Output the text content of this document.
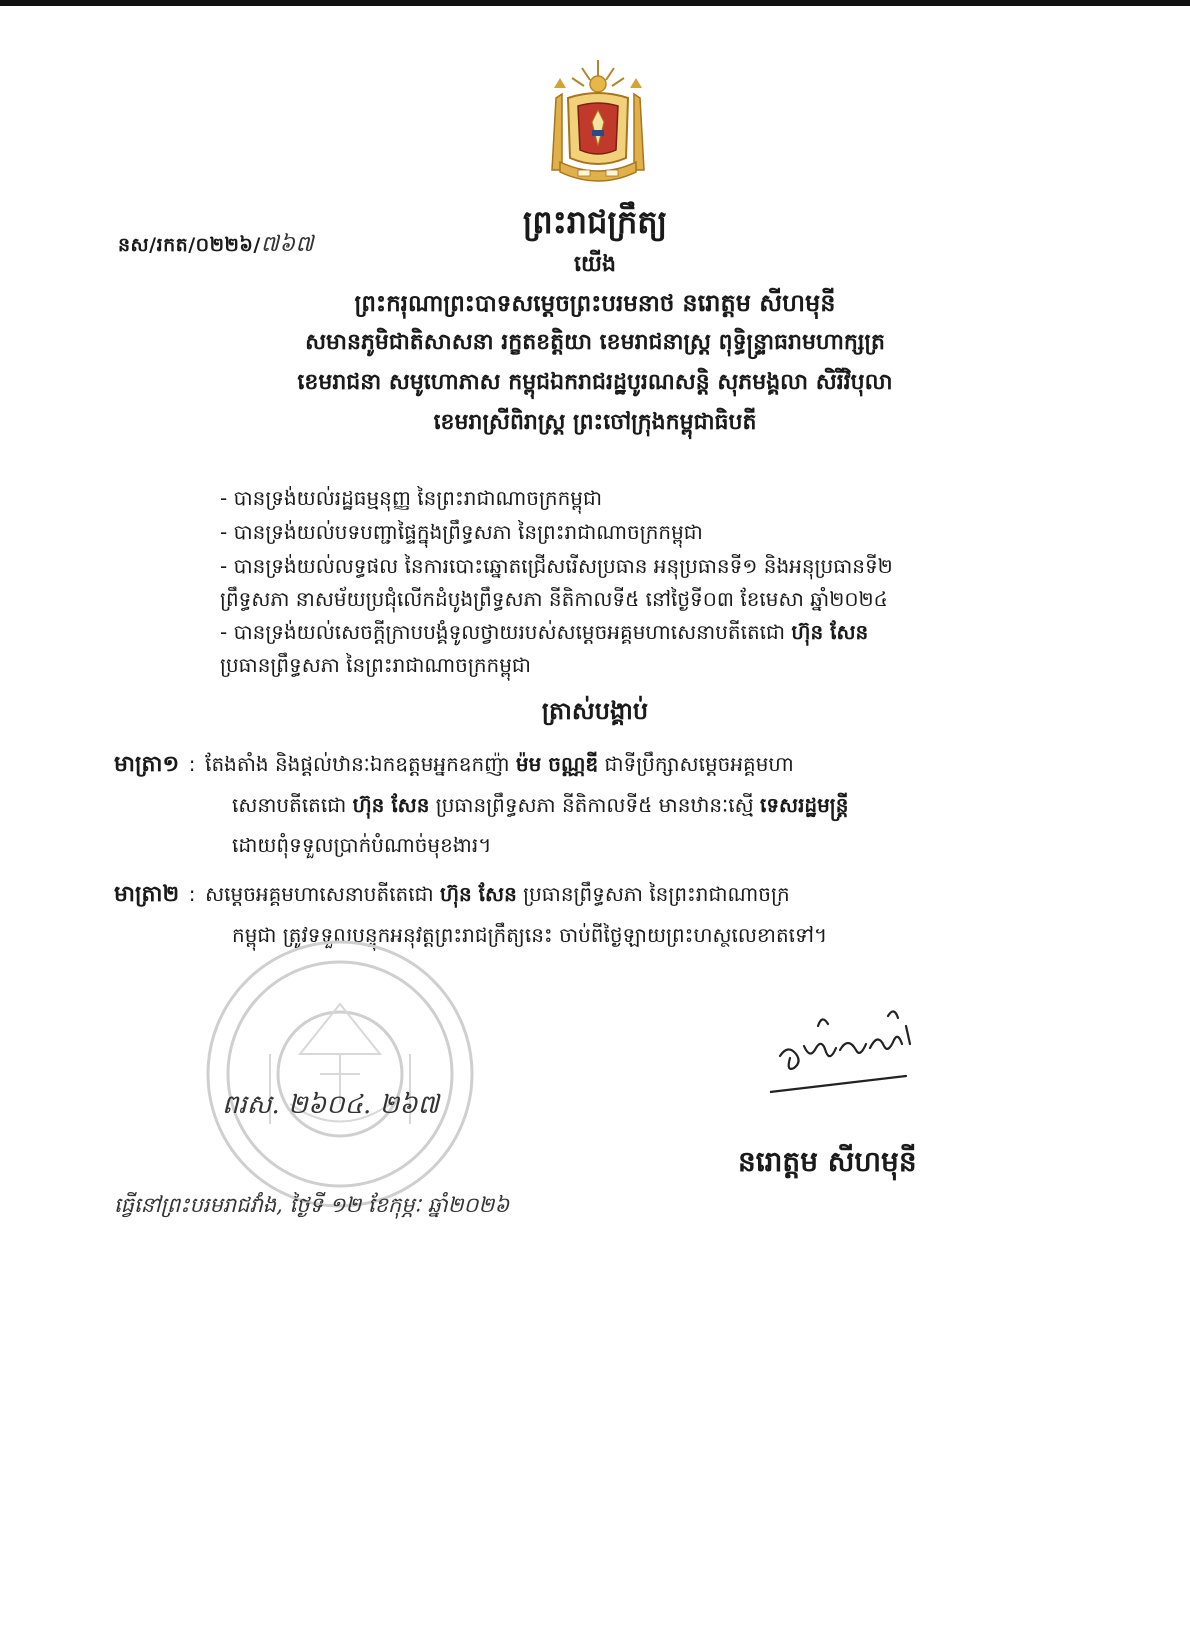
នស/រកត/០២២៦/៧៦៧
ព្រះរាជក្រឹត្យ
យើង
ព្រះករុណាព្រះបាទសម្តេចព្រះបរមនាថ នរោត្តម សីហមុនី
សមានភូមិជាតិសាសនា រក្ខតខត្តិយា ខេមរាជនាស្រ្ត ពុទ្ធិន្ទ្រាធរាមហាក្សត្រ
ខេមរាជនា សមូហោភាស កម្ពុជឯករាជរដ្ឋបូរណសន្តិ សុភមង្គលា សិរីវិបុលា
ខេមរាស្រីពិរាស្ត្រ ព្រះចៅក្រុងកម្ពុជាធិបតី
- បានទ្រង់យល់រដ្ឋធម្មនុញ្ញ នៃព្រះរាជាណាចក្រកម្ពុជា
- បានទ្រង់យល់បទបញ្ជាផ្ទៃក្នុងព្រឹទ្ធសភា នៃព្រះរាជាណាចក្រកម្ពុជា
- បានទ្រង់យល់លទ្ធផល នៃការបោះឆ្នោតជ្រើសរើសប្រធាន អនុប្រធានទី១ និងអនុប្រធានទី២
ព្រឹទ្ធសភា នាសម័យប្រជុំលើកដំបូងព្រឹទ្ធសភា នីតិកាលទី៥ នៅថ្ងៃទី០៣ ខែមេសា ឆ្នាំ២០២៤
- បានទ្រង់យល់សេចក្តីក្រាបបង្គំទូលថ្វាយរបស់សម្តេចអគ្គមហាសេនាបតីតេជោ ហ៊ុន សែន
ប្រធានព្រឹទ្ធសភា នៃព្រះរាជាណាចក្រកម្ពុជា
ត្រាស់បង្គាប់
មាត្រា១ : តែងតាំង និងផ្តល់ឋានៈឯកឧត្តមអ្នកឧកញ៉ា ម៉ម ចណ្ណឌី ជាទីប្រឹក្សាសម្តេចអគ្គមហា
សេនាបតីតេជោ ហ៊ុន សែន ប្រធានព្រឹទ្ធសភា នីតិកាលទី៥ មានឋានៈស្មើ ទេសរដ្ឋមន្ត្រី
ដោយពុំទទួលប្រាក់បំណាច់មុខងារ។
មាត្រា២ : សម្តេចអគ្គមហាសេនាបតីតេជោ ហ៊ុន សែន ប្រធានព្រឹទ្ធសភា នៃព្រះរាជាណាចក្រ
កម្ពុជា ត្រូវទទួលបន្ទុកអនុវត្តព្រះរាជក្រឹត្យនេះ ចាប់ពីថ្ងៃឡាយព្រះហស្ថលេខាតទៅ។
ពរស. ២៦០៤. ២៦៧
ធ្វើនៅព្រះបរមរាជវាំង, ថ្ងៃទី ១២ ខែកុម្ភៈ ឆ្នាំ២០២៦
នរោត្តម សីហមុនី
